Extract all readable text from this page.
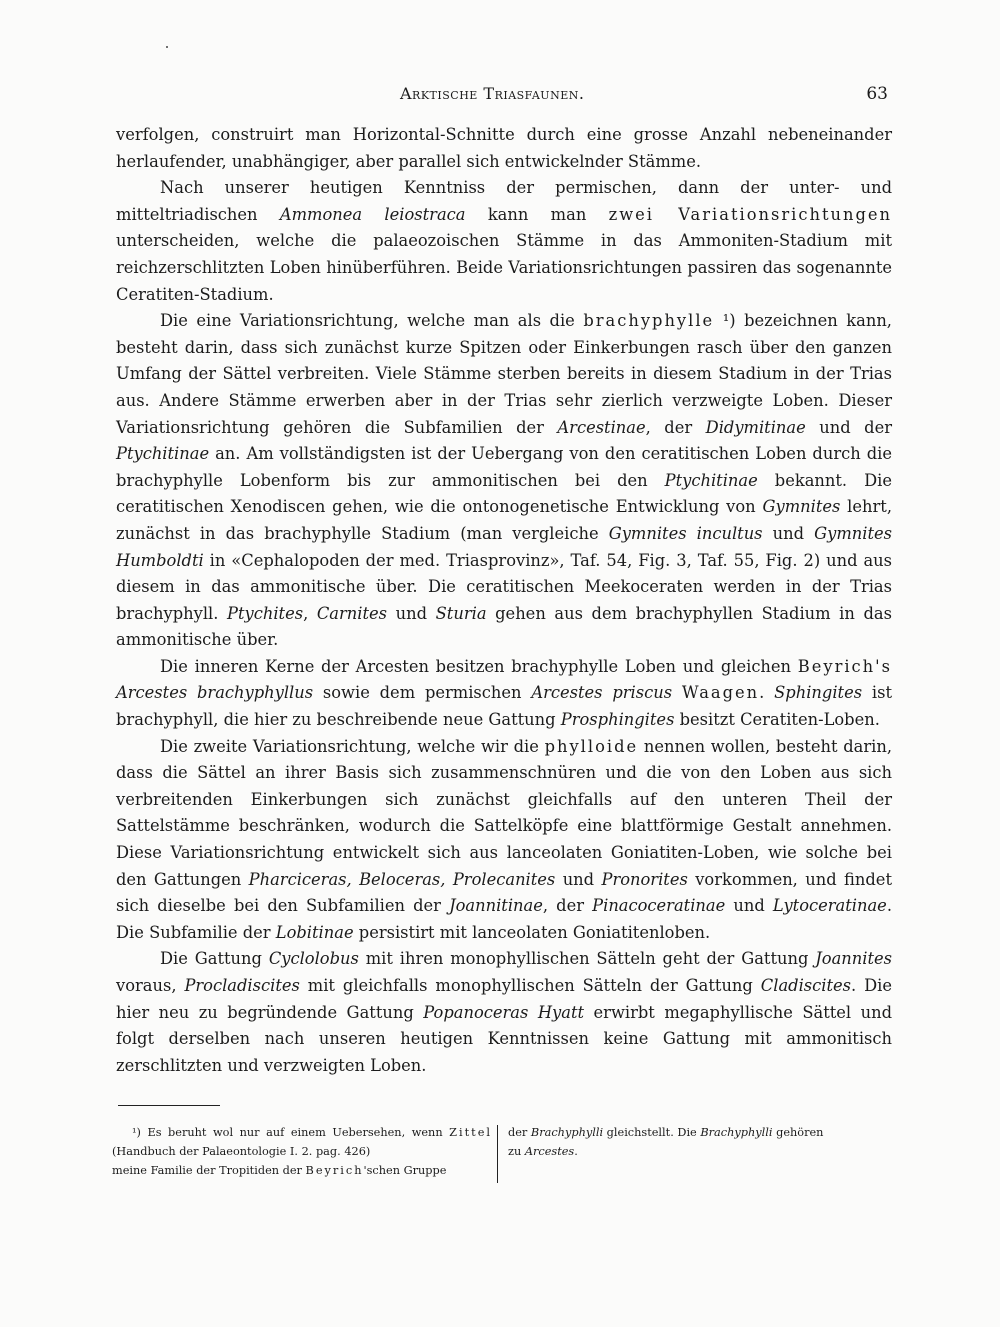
Arktische Triasfaunen.	63

verfolgen, construirt man Horizontal-Schnitte durch eine grosse Anzahl nebeneinander herlaufender, unabhängiger, aber parallel sich entwickelnder Stämme.

Nach unserer heutigen Kenntniss der permischen, dann der unter- und mitteltriadischen Ammonea leiostraca kann man zwei Variationsrichtungen unterscheiden, welche die palaeozoischen Stämme in das Ammoniten-Stadium mit reichzerschlitzten Loben hinüberführen. Beide Variationsrichtungen passiren das sogenannte Ceratiten-Stadium.

Die eine Variationsrichtung, welche man als die brachyphylle ¹) bezeichnen kann, besteht darin, dass sich zunächst kurze Spitzen oder Einkerbungen rasch über den ganzen Umfang der Sättel verbreiten. Viele Stämme sterben bereits in diesem Stadium in der Trias aus. Andere Stämme erwerben aber in der Trias sehr zierlich verzweigte Loben. Dieser Variationsrichtung gehören die Subfamilien der Arcestinae, der Didymitinae und der Ptychitinae an. Am vollständigsten ist der Uebergang von den ceratitischen Loben durch die brachyphylle Lobenform bis zur ammonitischen bei den Ptychitinae bekannt. Die ceratitischen Xenodiscen gehen, wie die ontonogenetische Entwicklung von Gymnites lehrt, zunächst in das brachyphylle Stadium (man vergleiche Gymnites incultus und Gymnites Humboldti in «Cephalopoden der med. Triasprovinz», Taf. 54, Fig. 3, Taf. 55, Fig. 2) und aus diesem in das ammonitische über. Die ceratitischen Meekoceraten werden in der Trias brachyphyll. Ptychites, Carnites und Sturia gehen aus dem brachyphyllen Stadium in das ammonitische über.

Die inneren Kerne der Arcesten besitzen brachyphylle Loben und gleichen Beyrich's Arcestes brachyphyllus sowie dem permischen Arcestes priscus Waagen. Sphingites ist brachyphyll, die hier zu beschreibende neue Gattung Prosphingites besitzt Ceratiten-Loben.

Die zweite Variationsrichtung, welche wir die phylloide nennen wollen, besteht darin, dass die Sättel an ihrer Basis sich zusammenschnüren und die von den Loben aus sich verbreitenden Einkerbungen sich zunächst gleichfalls auf den unteren Theil der Sattelstämme beschränken, wodurch die Sattelköpfe eine blattförmige Gestalt annehmen. Diese Variationsrichtung entwickelt sich aus lanceolaten Goniatiten-Loben, wie solche bei den Gattungen Pharciceras, Beloceras, Prolecanites und Pronorites vorkommen, und findet sich dieselbe bei den Subfamilien der Joannitinae, der Pinacoceratinae und Lytoceratinae. Die Subfamilie der Lobitinae persistirt mit lanceolaten Goniatitenloben.

Die Gattung Cyclolobus mit ihren monophyllischen Sätteln geht der Gattung Joannites voraus, Procladiscites mit gleichfalls monophyllischen Sätteln der Gattung Cladiscites. Die hier neu zu begründende Gattung Popanoceras Hyatt erwirbt megaphyllische Sättel und folgt derselben nach unseren heutigen Kenntnissen keine Gattung mit ammonitisch zerschlitzten und verzweigten Loben.

¹) Es beruht wol nur auf einem Uebersehen, wenn Zittel (Handbuch der Palaeontologie I. 2. pag. 426)
meine Familie der Tropitiden der Beyrich'schen Gruppe
der Brachyphylli gleichstellt. Die Brachyphylli gehören
zu Arcestes.
